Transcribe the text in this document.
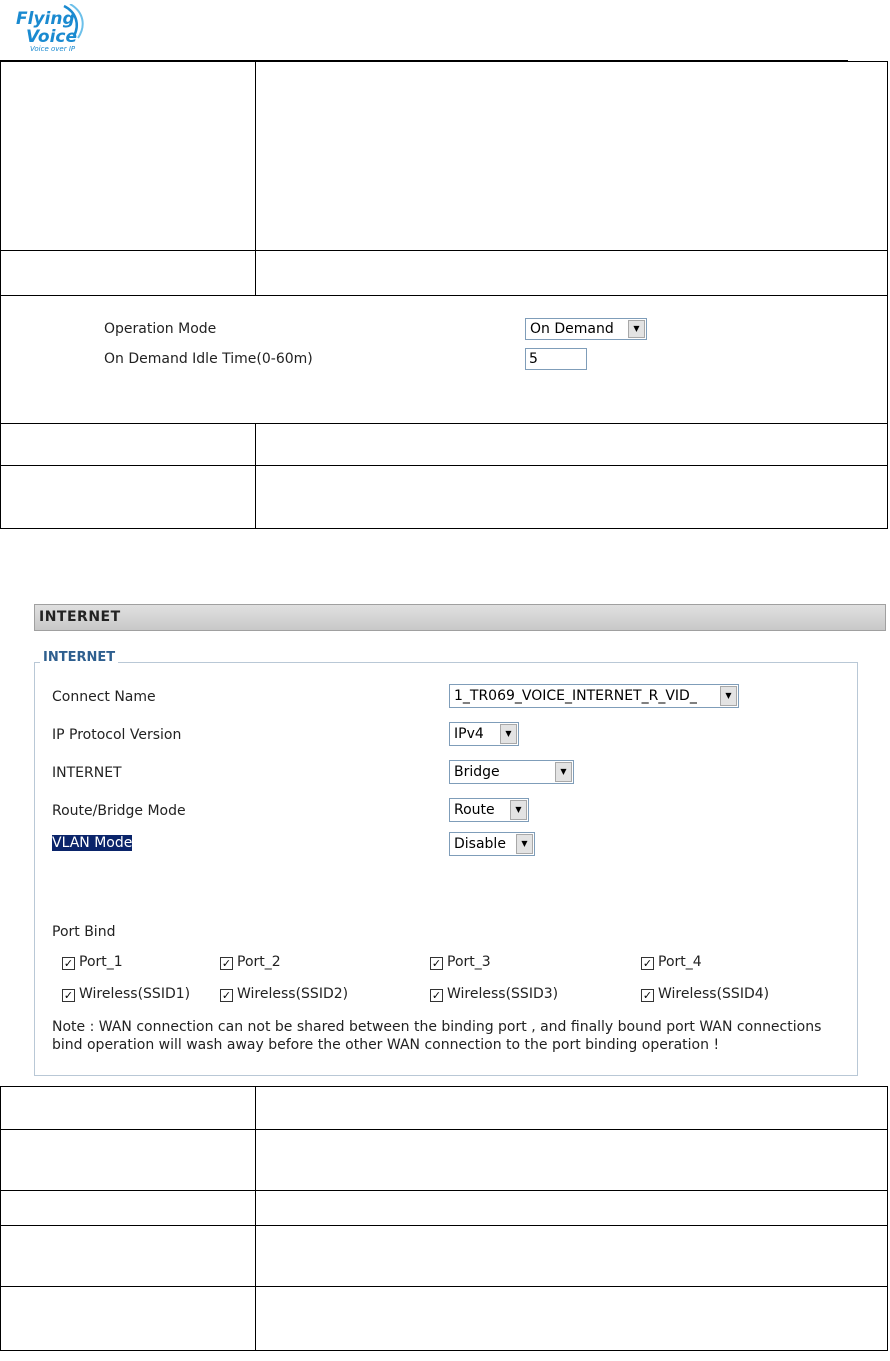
Flying
Voice
Voice over IP

Operation Mode On Demand ▼
On Demand Idle Time(0-60m) 5	

INTERNET
INTERNET
Connect Name	1_TR069_VOICE_INTERNET_R_VID_	▼
IP Protocol Version	IPv4	▼
INTERNET	Bridge	▼
Route/Bridge Mode	Route	▼
VLAN Mode	Disable	▼
Port Bind
✓ Port_1	✓ Port_2	✓ Port_3	✓ Port_4
✓ Wireless(SSID1)	✓ Wireless(SSID2)	✓ Wireless(SSID3)	✓ Wireless(SSID4)
Note : WAN connection can not be shared between the binding port , and finally bound port WAN connections bind operation will wash away before the other WAN connection to the port binding operation !
